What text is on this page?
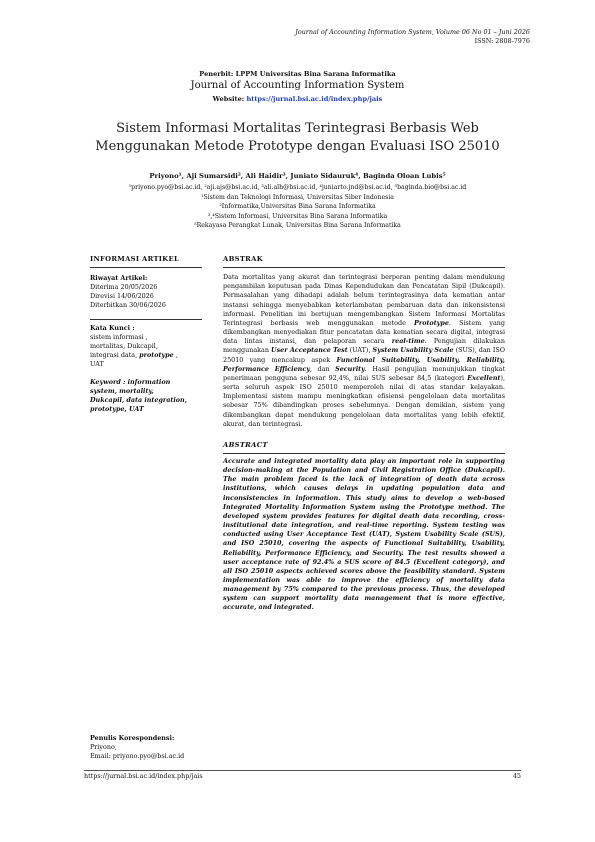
Journal of Accounting Information System, Volume 06 No 01 – Juni 2026
ISSN: 2808-7976
Penerbit: LPPM Universitas Bina Sarana Informatika
Journal of Accounting Information System
Website: https://jurnal.bsi.ac.id/index.php/jais
Sistem Informasi Mortalitas Terintegrasi Berbasis Web
Menggunakan Metode Prototype dengan Evaluasi ISO 25010
Priyono¹, Aji Sumarsidi², Ali Haidir³, Juniato Sidauruk⁴, Baginda Oloan Lubis⁵
¹priyono.pyo@bsi.ac.id, ²aji.ajs@bsi.ac.id, ³ali.alh@bsi.ac.id, ⁴juniarto.jnd@bsi.ac.id, ⁵baginda.bio@bsi.ac.id
¹Sistem dan Teknologi Informasi, Universitas Siber Indonesia
²Informatika,Universitas Bina Sarana Informatika
³,⁴Sistem Informasi, Universitas Bina Sarana Informatika
⁵Rekayasa Perangkat Lunak, Universitas Bina Sarana Informatika
INFORMASI ARTIKEL
Riwayat Artikel:
Diterima 20/05/2026
Direvisi 14/06/2026
Diterbitkan 30/06/2026
Kata Kunci :
sistem informasi ,
mortalitas, Dukcapil,
integrasi data, prototype ,
UAT
Keyword : information
system, mortality,
Dukcapil, data integration,
prototype, UAT
Penulis Korespondensi:
Priyono,
Email: priyono.pyo@bsi.ac.id
ABSTRAK

Data mortalitas yang akurat dan terintegrasi berperan penting dalam mendukung pengambilan keputusan pada Dinas Kependudukan dan Pencatatan Sipil (Dukcapil). Permasalahan yang dihadapi adalah belum terintegrasinya data kematian antar instansi sehingga menyebabkan keterlambatan pembaruan data dan inkonsistensi informasi. Penelitian ini bertujuan mengembangkan Sistem Informasi Mortalitas Terintegrasi berbasis web menggunakan metode Prototype. Sistem yang dikembangkan menyediakan fitur pencatatan data kematian secara digital, integrasi data lintas instansi, dan pelaporan secara real-time. Pengujian dilakukan menggunakan User Acceptance Test (UAT), System Usability Scale (SUS), dan ISO 25010 yang mencakup aspek Functional Suitability, Usability, Reliability, Performance Efficiency, dan Security. Hasil pengujian menunjukkan tingkat penerimaan pengguna sebesar 92,4%, nilai SUS sebesar 84,5 (kategori Excellent), serta seluruh aspek ISO 25010 memperoleh nilai di atas standar kelayakan. Implementasi sistem mampu meningkatkan efisiensi pengelolaan data mortalitas sebesar 75% dibandingkan proses sebelumnya. Dengan demikian, sistem yang dikembangkan dapat mendukung pengelolaan data mortalitas yang lebih efektif, akurat, dan terintegrasi.

ABSTRACT

Accurate and integrated mortality data play an important role in supporting decision-making at the Population and Civil Registration Office (Dukcapil). The main problem faced is the lack of integration of death data across institutions, which causes delays in updating population data and inconsistencies in information. This study aims to develop a web-based Integrated Mortality Information System using the Prototype method. The developed system provides features for digital death data recording, cross-institutional data integration, and real-time reporting. System testing was conducted using User Acceptance Test (UAT), System Usability Scale (SUS), and ISO 25010, covering the aspects of Functional Suitability, Usability, Reliability, Performance Efficiency, and Security. The test results showed a user acceptance rate of 92.4% a SUS score of 84.5 (Excellent category), and all ISO 25010 aspects achieved scores above the feasibility standard. System implementation was able to improve the efficiency of mortality data management by 75% compared to the previous process. Thus, the developed system can support mortality data management that is more effective, accurate, and integrated.

https://jurnal.bsi.ac.id/index.php/jais	45
